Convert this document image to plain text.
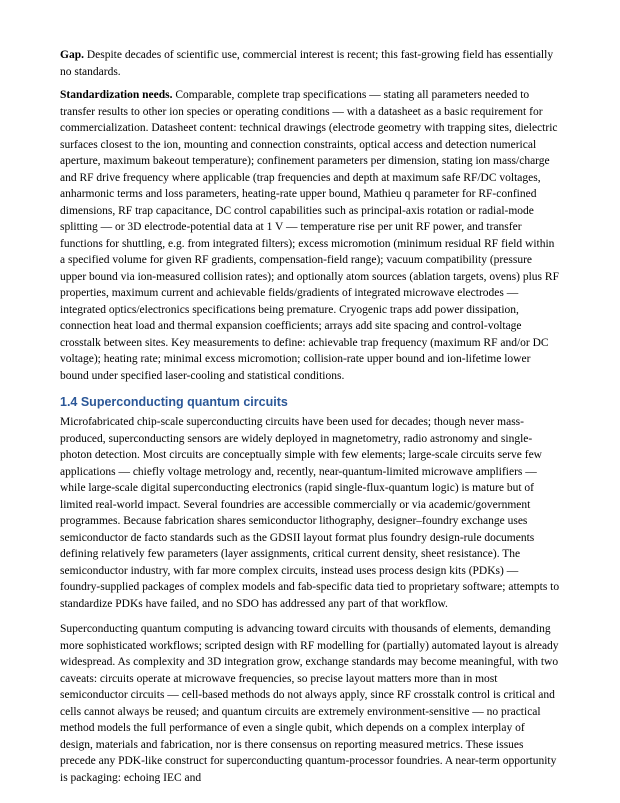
Gap. Despite decades of scientific use, commercial interest is recent; this fast-growing field has essentially no standards.

Standardization needs. Comparable, complete trap specifications — stating all parameters needed to transfer results to other ion species or operating conditions — with a datasheet as a basic requirement for commercialization. Datasheet content: technical drawings (electrode geometry with trapping sites, dielectric surfaces closest to the ion, mounting and connection constraints, optical access and detection numerical aperture, maximum bakeout temperature); confinement parameters per dimension, stating ion mass/charge and RF drive frequency where applicable (trap frequencies and depth at maximum safe RF/DC voltages, anharmonic terms and loss parameters, heating-rate upper bound, Mathieu q parameter for RF-confined dimensions, RF trap capacitance, DC control capabilities such as principal-axis rotation or radial-mode splitting — or 3D electrode-potential data at 1 V — temperature rise per unit RF power, and transfer functions for shuttling, e.g. from integrated filters); excess micromotion (minimum residual RF field within a specified volume for given RF gradients, compensation-field range); vacuum compatibility (pressure upper bound via ion-measured collision rates); and optionally atom sources (ablation targets, ovens) plus RF properties, maximum current and achievable fields/gradients of integrated microwave electrodes — integrated optics/electronics specifications being premature. Cryogenic traps add power dissipation, connection heat load and thermal expansion coefficients; arrays add site spacing and control-voltage crosstalk between sites. Key measurements to define: achievable trap frequency (maximum RF and/or DC voltage); heating rate; minimal excess micromotion; collision-rate upper bound and ion-lifetime lower bound under specified laser-cooling and statistical conditions.

1.4 Superconducting quantum circuits

Microfabricated chip-scale superconducting circuits have been used for decades; though never mass-produced, superconducting sensors are widely deployed in magnetometry, radio astronomy and single-photon detection. Most circuits are conceptually simple with few elements; large-scale circuits serve few applications — chiefly voltage metrology and, recently, near-quantum-limited microwave amplifiers — while large-scale digital superconducting electronics (rapid single-flux-quantum logic) is mature but of limited real-world impact. Several foundries are accessible commercially or via academic/government programmes. Because fabrication shares semiconductor lithography, designer–foundry exchange uses semiconductor de facto standards such as the GDSII layout format plus foundry design-rule documents defining relatively few parameters (layer assignments, critical current density, sheet resistance). The semiconductor industry, with far more complex circuits, instead uses process design kits (PDKs) — foundry-supplied packages of complex models and fab-specific data tied to proprietary software; attempts to standardize PDKs have failed, and no SDO has addressed any part of that workflow.

Superconducting quantum computing is advancing toward circuits with thousands of elements, demanding more sophisticated workflows; scripted design with RF modelling for (partially) automated layout is already widespread. As complexity and 3D integration grow, exchange standards may become meaningful, with two caveats: circuits operate at microwave frequencies, so precise layout matters more than in most semiconductor circuits — cell-based methods do not always apply, since RF crosstalk control is critical and cells cannot always be reused; and quantum circuits are extremely environment-sensitive — no practical method models the full performance of even a single qubit, which depends on a complex interplay of design, materials and fabrication, nor is there consensus on reporting measured metrics. These issues precede any PDK-like construct for superconducting quantum-processor foundries. A near-term opportunity is packaging: echoing IEC and
